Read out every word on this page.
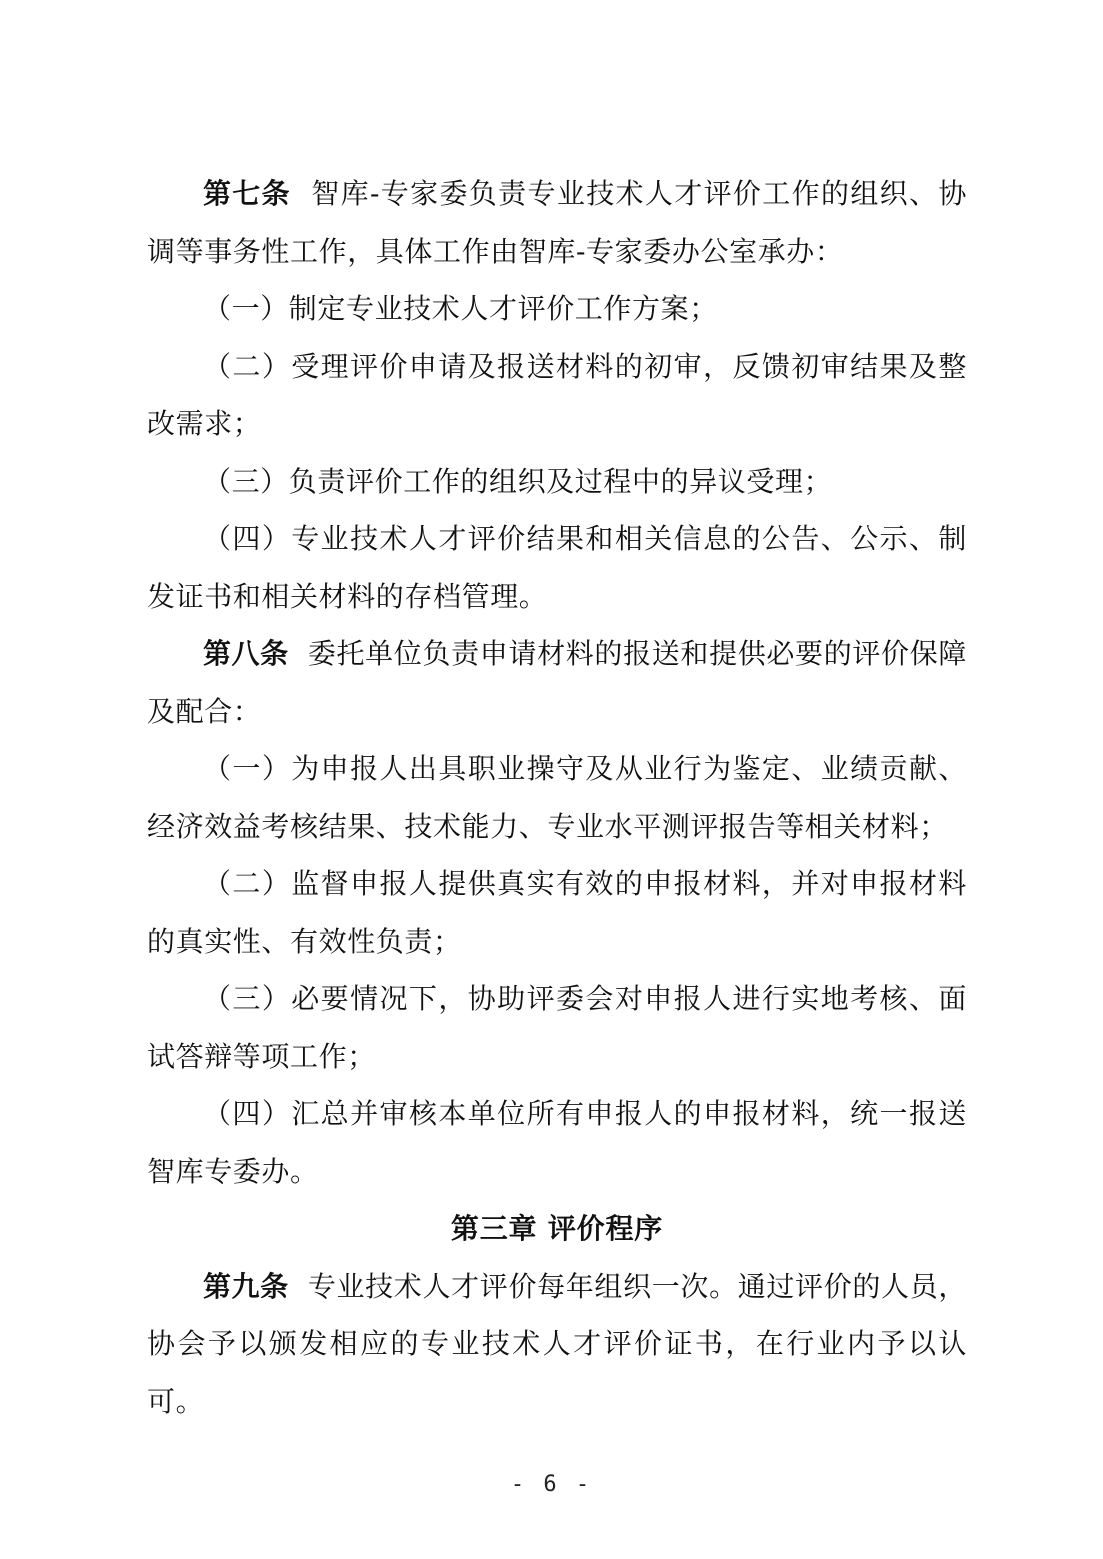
第七条 智库-专家委负责专业技术人才评价工作的组织、协调等事务性工作，具体工作由智库-专家委办公室承办：

（一）制定专业技术人才评价工作方案；

（二）受理评价申请及报送材料的初审，反馈初审结果及整改需求；

（三）负责评价工作的组织及过程中的异议受理；

（四）专业技术人才评价结果和相关信息的公告、公示、制发证书和相关材料的存档管理。

第八条 委托单位负责申请材料的报送和提供必要的评价保障及配合：

（一）为申报人出具职业操守及从业行为鉴定、业绩贡献、经济效益考核结果、技术能力、专业水平测评报告等相关材料；

（二）监督申报人提供真实有效的申报材料，并对申报材料的真实性、有效性负责；

（三）必要情况下，协助评委会对申报人进行实地考核、面试答辩等项工作；

（四）汇总并审核本单位所有申报人的申报材料，统一报送智库专委办。

第三章 评价程序

第九条 专业技术人才评价每年组织一次。通过评价的人员，协会予以颁发相应的专业技术人才评价证书，在行业内予以认可。

- 6 -
